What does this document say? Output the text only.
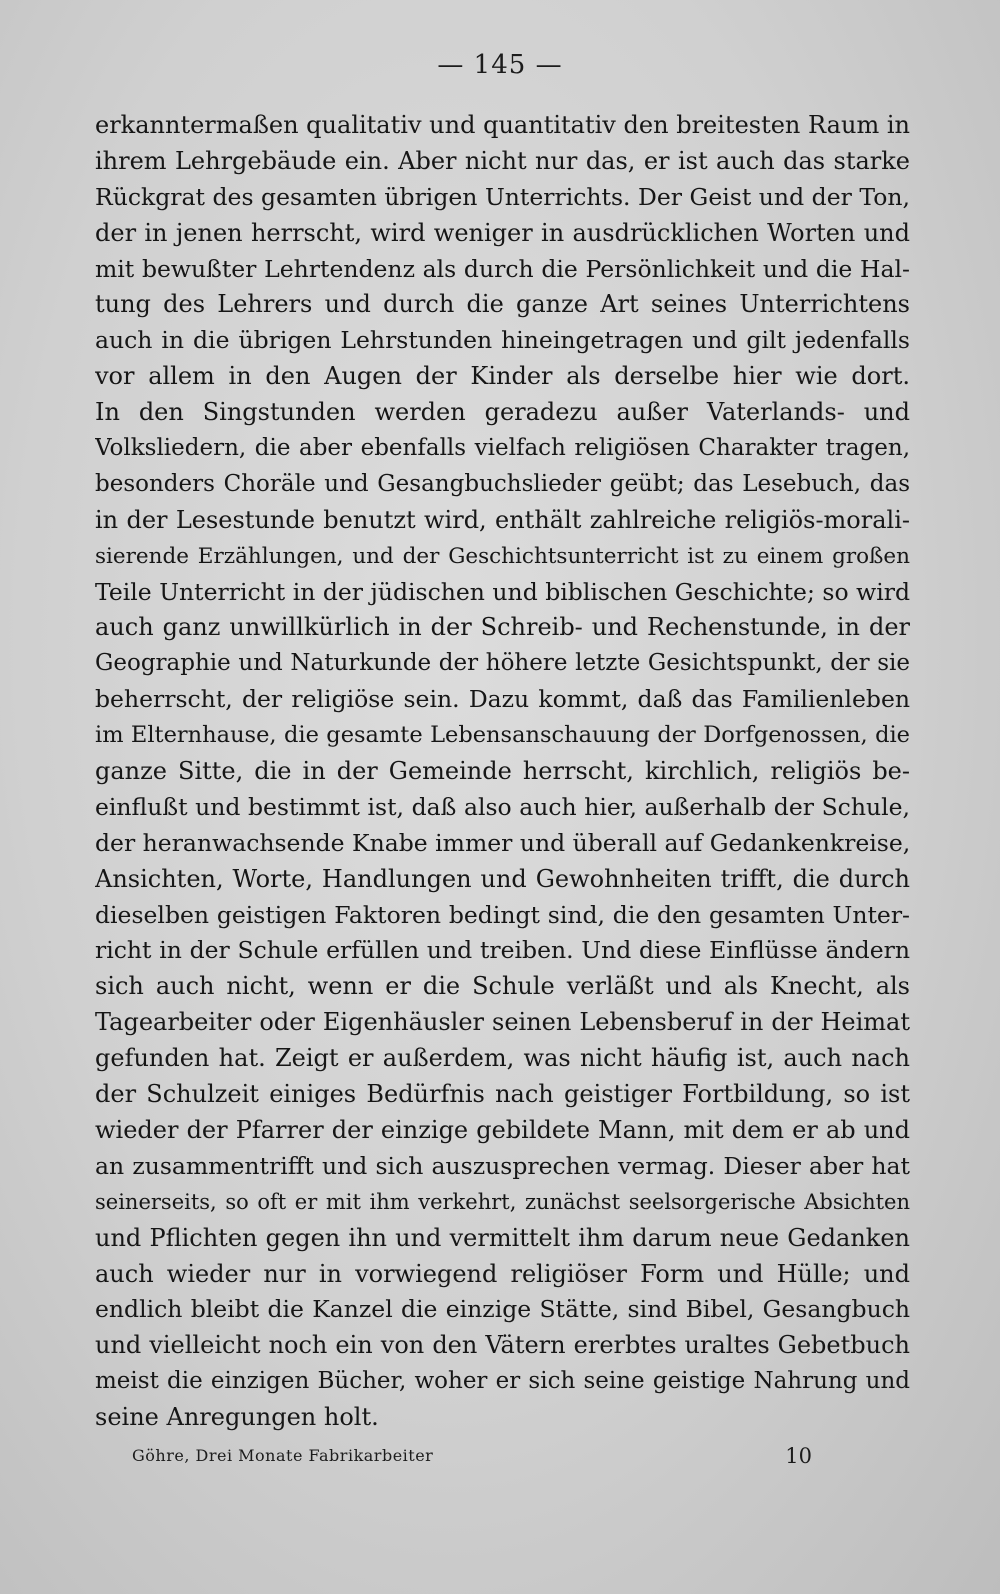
— 145 —
erkanntermaßen qualitativ und quantitativ den breitesten Raum in
ihrem Lehrgebäude ein. Aber nicht nur das, er ist auch das starke
Rückgrat des gesamten übrigen Unterrichts. Der Geist und der Ton,
der in jenen herrscht, wird weniger in ausdrücklichen Worten und
mit bewußter Lehrtendenz als durch die Persönlichkeit und die Hal-
tung des Lehrers und durch die ganze Art seines Unterrichtens
auch in die übrigen Lehrstunden hineingetragen und gilt jedenfalls
vor allem in den Augen der Kinder als derselbe hier wie dort.
In den Singstunden werden geradezu außer Vaterlands- und
Volksliedern, die aber ebenfalls vielfach religiösen Charakter tragen,
besonders Choräle und Gesangbuchslieder geübt; das Lesebuch, das
in der Lesestunde benutzt wird, enthält zahlreiche religiös-morali-
sierende Erzählungen, und der Geschichtsunterricht ist zu einem großen
Teile Unterricht in der jüdischen und biblischen Geschichte; so wird
auch ganz unwillkürlich in der Schreib- und Rechenstunde, in der
Geographie und Naturkunde der höhere letzte Gesichtspunkt, der sie
beherrscht, der religiöse sein. Dazu kommt, daß das Familienleben
im Elternhause, die gesamte Lebensanschauung der Dorfgenossen, die
ganze Sitte, die in der Gemeinde herrscht, kirchlich, religiös be-
einflußt und bestimmt ist, daß also auch hier, außerhalb der Schule,
der heranwachsende Knabe immer und überall auf Gedankenkreise,
Ansichten, Worte, Handlungen und Gewohnheiten trifft, die durch
dieselben geistigen Faktoren bedingt sind, die den gesamten Unter-
richt in der Schule erfüllen und treiben. Und diese Einflüsse ändern
sich auch nicht, wenn er die Schule verläßt und als Knecht, als
Tagearbeiter oder Eigenhäusler seinen Lebensberuf in der Heimat
gefunden hat. Zeigt er außerdem, was nicht häufig ist, auch nach
der Schulzeit einiges Bedürfnis nach geistiger Fortbildung, so ist
wieder der Pfarrer der einzige gebildete Mann, mit dem er ab und
an zusammentrifft und sich auszusprechen vermag. Dieser aber hat
seinerseits, so oft er mit ihm verkehrt, zunächst seelsorgerische Absichten
und Pflichten gegen ihn und vermittelt ihm darum neue Gedanken
auch wieder nur in vorwiegend religiöser Form und Hülle; und
endlich bleibt die Kanzel die einzige Stätte, sind Bibel, Gesangbuch
und vielleicht noch ein von den Vätern ererbtes uraltes Gebetbuch
meist die einzigen Bücher, woher er sich seine geistige Nahrung und
seine Anregungen holt.
Göhre, Drei Monate Fabrikarbeiter	10
